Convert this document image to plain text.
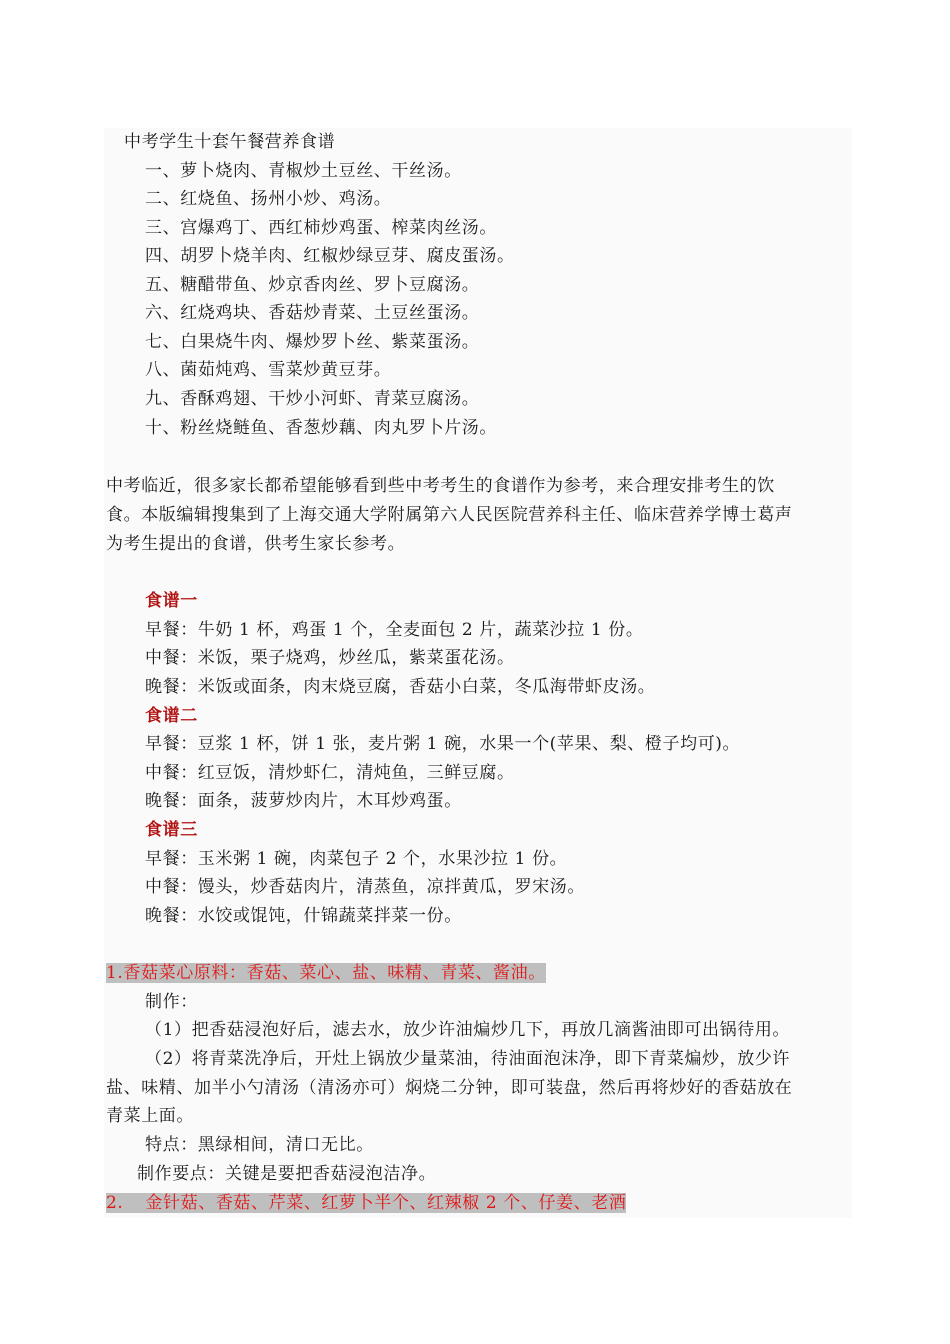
中考学生十套午餐营养食谱
一、萝卜烧肉、青椒炒土豆丝、干丝汤。
二、红烧鱼、扬州小炒、鸡汤。
三、宫爆鸡丁、西红柿炒鸡蛋、榨菜肉丝汤。
四、胡罗卜烧羊肉、红椒炒绿豆芽、腐皮蛋汤。
五、糖醋带鱼、炒京香肉丝、罗卜豆腐汤。
六、红烧鸡块、香菇炒青菜、土豆丝蛋汤。
七、白果烧牛肉、爆炒罗卜丝、紫菜蛋汤。
八、菌茹炖鸡、雪菜炒黄豆芽。
九、香酥鸡翅、干炒小河虾、青菜豆腐汤。
十、粉丝烧鲢鱼、香葱炒藕、肉丸罗卜片汤。
中考临近，很多家长都希望能够看到些中考考生的食谱作为参考，来合理安排考生的饮
食。本版编辑搜集到了上海交通大学附属第六人民医院营养科主任、临床营养学博士葛声
为考生提出的食谱，供考生家长参考。
食谱一
早餐：牛奶 1 杯，鸡蛋 1 个，全麦面包 2 片，蔬菜沙拉 1 份。
中餐：米饭，栗子烧鸡，炒丝瓜，紫菜蛋花汤。
晚餐：米饭或面条，肉末烧豆腐，香菇小白菜，冬瓜海带虾皮汤。
食谱二
早餐：豆浆 1 杯，饼 1 张，麦片粥 1 碗，水果一个(苹果、梨、橙子均可)。
中餐：红豆饭，清炒虾仁，清炖鱼，三鲜豆腐。
晚餐：面条，菠萝炒肉片，木耳炒鸡蛋。
食谱三
早餐：玉米粥 1 碗，肉菜包子 2 个，水果沙拉 1 份。
中餐：馒头，炒香菇肉片，清蒸鱼，凉拌黄瓜，罗宋汤。
晚餐：水饺或馄饨，什锦蔬菜拌菜一份。
1.香菇菜心原料：香菇、菜心、盐、味精、青菜、酱油。
制作：
（1）把香菇浸泡好后，滤去水，放少许油煸炒几下，再放几滴酱油即可出锅待用。
（2）将青菜洗净后，开灶上锅放少量菜油，待油面泡沫净，即下青菜煸炒，放少许
盐、味精、加半小勺清汤（清汤亦可）焖烧二分钟，即可装盘，然后再将炒好的香菇放在
青菜上面。
特点：黑绿相间，清口无比。
制作要点：关键是要把香菇浸泡洁净。
2. 金针菇、香菇、芹菜、红萝卜半个、红辣椒 2 个、仔姜、老酒
